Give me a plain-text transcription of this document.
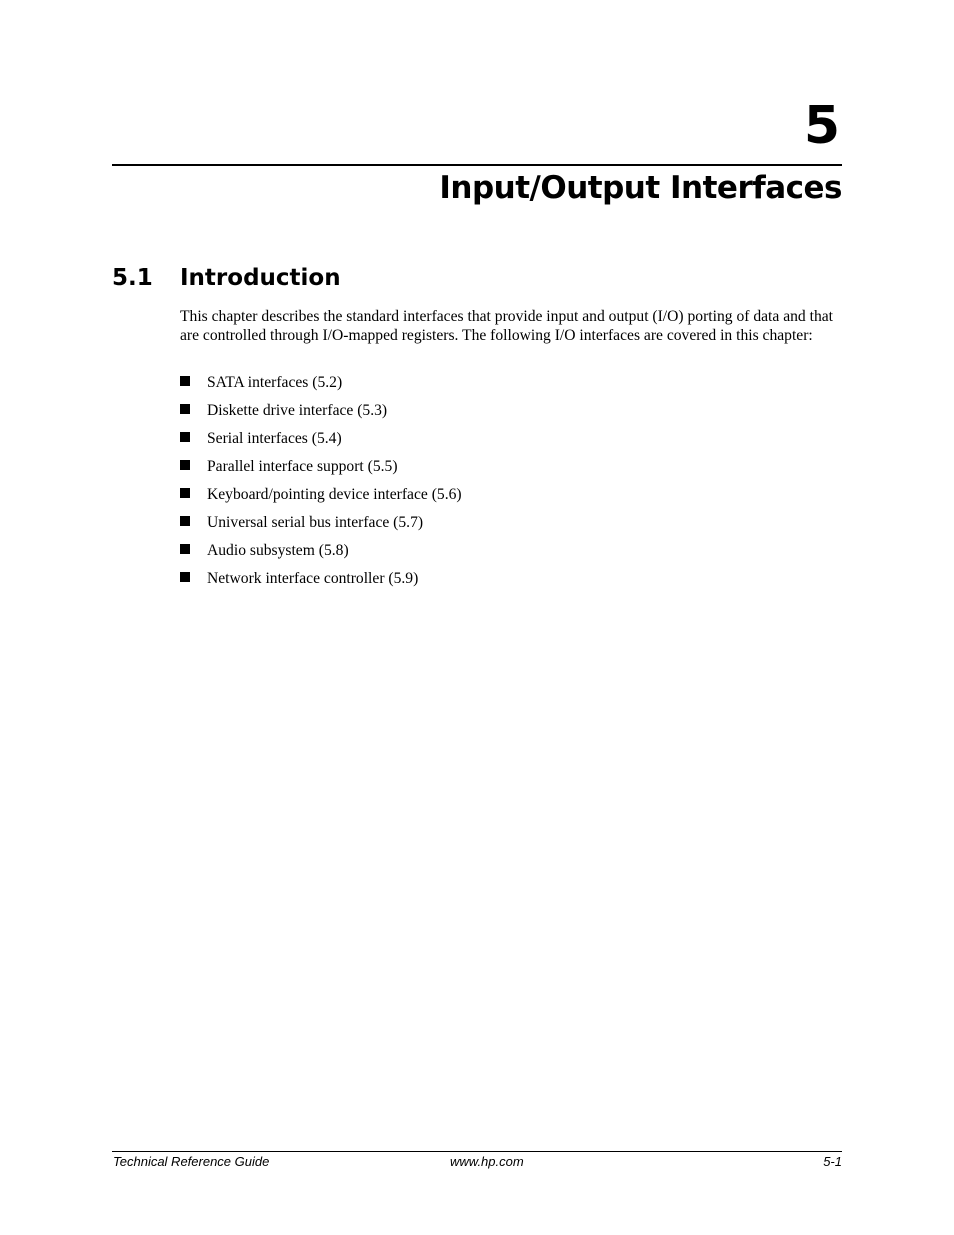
5
Input/Output Interfaces
5.1 Introduction

This chapter describes the standard interfaces that provide input and output (I/O) porting of data and that are controlled through I/O-mapped registers. The following I/O interfaces are covered in this chapter:

SATA interfaces (5.2)
Diskette drive interface (5.3)
Serial interfaces (5.4)
Parallel interface support (5.5)
Keyboard/pointing device interface (5.6)
Universal serial bus interface (5.7)
Audio subsystem (5.8)
Network interface controller (5.9)
Technical Reference Guide	www.hp.com	5-1
